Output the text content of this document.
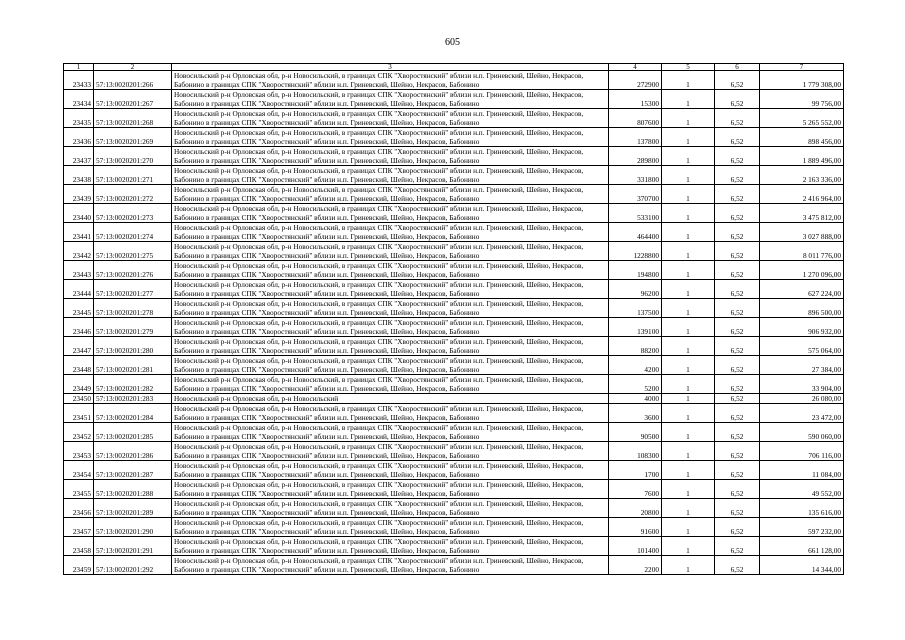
605
1	2	3	4	5	6	7
23433	57:13:0020201:266	Новосильский р-н Орловская обл, р-н Новосильский, в границах СПК "Хворостянский" вблизи н.п. Гриневский, Шейно, Некрасов,
Бабонино в границах СПК "Хворостянский" вблизи н.п. Гриневский, Шейно, Некрасов, Бабонино	272900	1	6,52	1 779 308,00
23434	57:13:0020201:267	Новосильский р-н Орловская обл, р-н Новосильский, в границах СПК "Хворостянский" вблизи н.п. Гриневский, Шейно, Некрасов,
Бабонино в границах СПК "Хворостянский" вблизи н.п. Гриневский, Шейно, Некрасов, Бабонино	15300	1	6,52	99 756,00
23435	57:13:0020201:268	Новосильский р-н Орловская обл, р-н Новосильский, в границах СПК "Хворостянский" вблизи н.п. Гриневский, Шейно, Некрасов,
Бабонино в границах СПК "Хворостянский" вблизи н.п. Гриневский, Шейно, Некрасов, Бабонино	807600	1	6,52	5 265 552,00
23436	57:13:0020201:269	Новосильский р-н Орловская обл, р-н Новосильский, в границах СПК "Хворостянский" вблизи н.п. Гриневский, Шейно, Некрасов,
Бабонино в границах СПК "Хворостянский" вблизи н.п. Гриневский, Шейно, Некрасов, Бабонино	137800	1	6,52	898 456,00
23437	57:13:0020201:270	Новосильский р-н Орловская обл, р-н Новосильский, в границах СПК "Хворостянский" вблизи н.п. Гриневский, Шейно, Некрасов,
Бабонино в границах СПК "Хворостянский" вблизи н.п. Гриневский, Шейно, Некрасов, Бабонино	289800	1	6,52	1 889 496,00
23438	57:13:0020201:271	Новосильский р-н Орловская обл, р-н Новосильский, в границах СПК "Хворостянский" вблизи н.п. Гриневский, Шейно, Некрасов,
Бабонино в границах СПК "Хворостянский" вблизи н.п. Гриневский, Шейно, Некрасов, Бабонино	331800	1	6,52	2 163 336,00
23439	57:13:0020201:272	Новосильский р-н Орловская обл, р-н Новосильский, в границах СПК "Хворостянский" вблизи н.п. Гриневский, Шейно, Некрасов,
Бабонино в границах СПК "Хворостянский" вблизи н.п. Гриневский, Шейно, Некрасов, Бабонино	370700	1	6,52	2 416 964,00
23440	57:13:0020201:273	Новосильский р-н Орловская обл, р-н Новосильский, в границах СПК "Хворостянский" вблизи н.п. Гриневский, Шейно, Некрасов,
Бабонино в границах СПК "Хворостянский" вблизи н.п. Гриневский, Шейно, Некрасов, Бабонино	533100	1	6,52	3 475 812,00
23441	57:13:0020201:274	Новосильский р-н Орловская обл, р-н Новосильский, в границах СПК "Хворостянский" вблизи н.п. Гриневский, Шейно, Некрасов,
Бабонино в границах СПК "Хворостянский" вблизи н.п. Гриневский, Шейно, Некрасов, Бабонино	464400	1	6,52	3 027 888,00
23442	57:13:0020201:275	Новосильский р-н Орловская обл, р-н Новосильский, в границах СПК "Хворостянский" вблизи н.п. Гриневский, Шейно, Некрасов,
Бабонино в границах СПК "Хворостянский" вблизи н.п. Гриневский, Шейно, Некрасов, Бабонино	1228800	1	6,52	8 011 776,00
23443	57:13:0020201:276	Новосильский р-н Орловская обл, р-н Новосильский, в границах СПК "Хворостянский" вблизи н.п. Гриневский, Шейно, Некрасов,
Бабонино в границах СПК "Хворостянский" вблизи н.п. Гриневский, Шейно, Некрасов, Бабонино	194800	1	6,52	1 270 096,00
23444	57:13:0020201:277	Новосильский р-н Орловская обл, р-н Новосильский, в границах СПК "Хворостянский" вблизи н.п. Гриневский, Шейно, Некрасов,
Бабонино в границах СПК "Хворостянский" вблизи н.п. Гриневский, Шейно, Некрасов, Бабонино	96200	1	6,52	627 224,00
23445	57:13:0020201:278	Новосильский р-н Орловская обл, р-н Новосильский, в границах СПК "Хворостянский" вблизи н.п. Гриневский, Шейно, Некрасов,
Бабонино в границах СПК "Хворостянский" вблизи н.п. Гриневский, Шейно, Некрасов, Бабонино	137500	1	6,52	896 500,00
23446	57:13:0020201:279	Новосильский р-н Орловская обл, р-н Новосильский, в границах СПК "Хворостянский" вблизи н.п. Гриневский, Шейно, Некрасов,
Бабонино в границах СПК "Хворостянский" вблизи н.п. Гриневский, Шейно, Некрасов, Бабонино	139100	1	6,52	906 932,00
23447	57:13:0020201:280	Новосильский р-н Орловская обл, р-н Новосильский, в границах СПК "Хворостянский" вблизи н.п. Гриневский, Шейно, Некрасов,
Бабонино в границах СПК "Хворостянский" вблизи н.п. Гриневский, Шейно, Некрасов, Бабонино	88200	1	6,52	575 064,00
23448	57:13:0020201:281	Новосильский р-н Орловская обл, р-н Новосильский, в границах СПК "Хворостянский" вблизи н.п. Гриневский, Шейно, Некрасов,
Бабонино в границах СПК "Хворостянский" вблизи н.п. Гриневский, Шейно, Некрасов, Бабонино	4200	1	6,52	27 384,00
23449	57:13:0020201:282	Новосильский р-н Орловская обл, р-н Новосильский, в границах СПК "Хворостянский" вблизи н.п. Гриневский, Шейно, Некрасов,
Бабонино в границах СПК "Хворостянский" вблизи н.п. Гриневский, Шейно, Некрасов, Бабонино	5200	1	6,52	33 904,00
23450	57:13:0020201:283	Новосильский р-н Орловская обл, р-н Новосильский	4000	1	6,52	26 080,00
23451	57:13:0020201:284	Новосильский р-н Орловская обл, р-н Новосильский, в границах СПК "Хворостянский" вблизи н.п. Гриневский, Шейно, Некрасов,
Бабонино в границах СПК "Хворостянский" вблизи н.п. Гриневский, Шейно, Некрасов, Бабонино	3600	1	6,52	23 472,00
23452	57:13:0020201:285	Новосильский р-н Орловская обл, р-н Новосильский, в границах СПК "Хворостянский" вблизи н.п. Гриневский, Шейно, Некрасов,
Бабонино в границах СПК "Хворостянский" вблизи н.п. Гриневский, Шейно, Некрасов, Бабонино	90500	1	6,52	590 060,00
23453	57:13:0020201:286	Новосильский р-н Орловская обл, р-н Новосильский, в границах СПК "Хворостянский" вблизи н.п. Гриневский, Шейно, Некрасов,
Бабонино в границах СПК "Хворостянский" вблизи н.п. Гриневский, Шейно, Некрасов, Бабонино	108300	1	6,52	706 116,00
23454	57:13:0020201:287	Новосильский р-н Орловская обл, р-н Новосильский, в границах СПК "Хворостянский" вблизи н.п. Гриневский, Шейно, Некрасов,
Бабонино в границах СПК "Хворостянский" вблизи н.п. Гриневский, Шейно, Некрасов, Бабонино	1700	1	6,52	11 084,00
23455	57:13:0020201:288	Новосильский р-н Орловская обл, р-н Новосильский, в границах СПК "Хворостянский" вблизи н.п. Гриневский, Шейно, Некрасов,
Бабонино в границах СПК "Хворостянский" вблизи н.п. Гриневский, Шейно, Некрасов, Бабонино	7600	1	6,52	49 552,00
23456	57:13:0020201:289	Новосильский р-н Орловская обл, р-н Новосильский, в границах СПК "Хворостянский" вблизи н.п. Гриневский, Шейно, Некрасов,
Бабонино в границах СПК "Хворостянский" вблизи н.п. Гриневский, Шейно, Некрасов, Бабонино	20800	1	6,52	135 616,00
23457	57:13:0020201:290	Новосильский р-н Орловская обл, р-н Новосильский, в границах СПК "Хворостянский" вблизи н.п. Гриневский, Шейно, Некрасов,
Бабонино в границах СПК "Хворостянский" вблизи н.п. Гриневский, Шейно, Некрасов, Бабонино	91600	1	6,52	597 232,00
23458	57:13:0020201:291	Новосильский р-н Орловская обл, р-н Новосильский, в границах СПК "Хворостянский" вблизи н.п. Гриневский, Шейно, Некрасов,
Бабонино в границах СПК "Хворостянский" вблизи н.п. Гриневский, Шейно, Некрасов, Бабонино	101400	1	6,52	661 128,00
23459	57:13:0020201:292	Новосильский р-н Орловская обл, р-н Новосильский, в границах СПК "Хворостянский" вблизи н.п. Гриневский, Шейно, Некрасов,
Бабонино в границах СПК "Хворостянский" вблизи н.п. Гриневский, Шейно, Некрасов, Бабонино	2200	1	6,52	14 344,00
